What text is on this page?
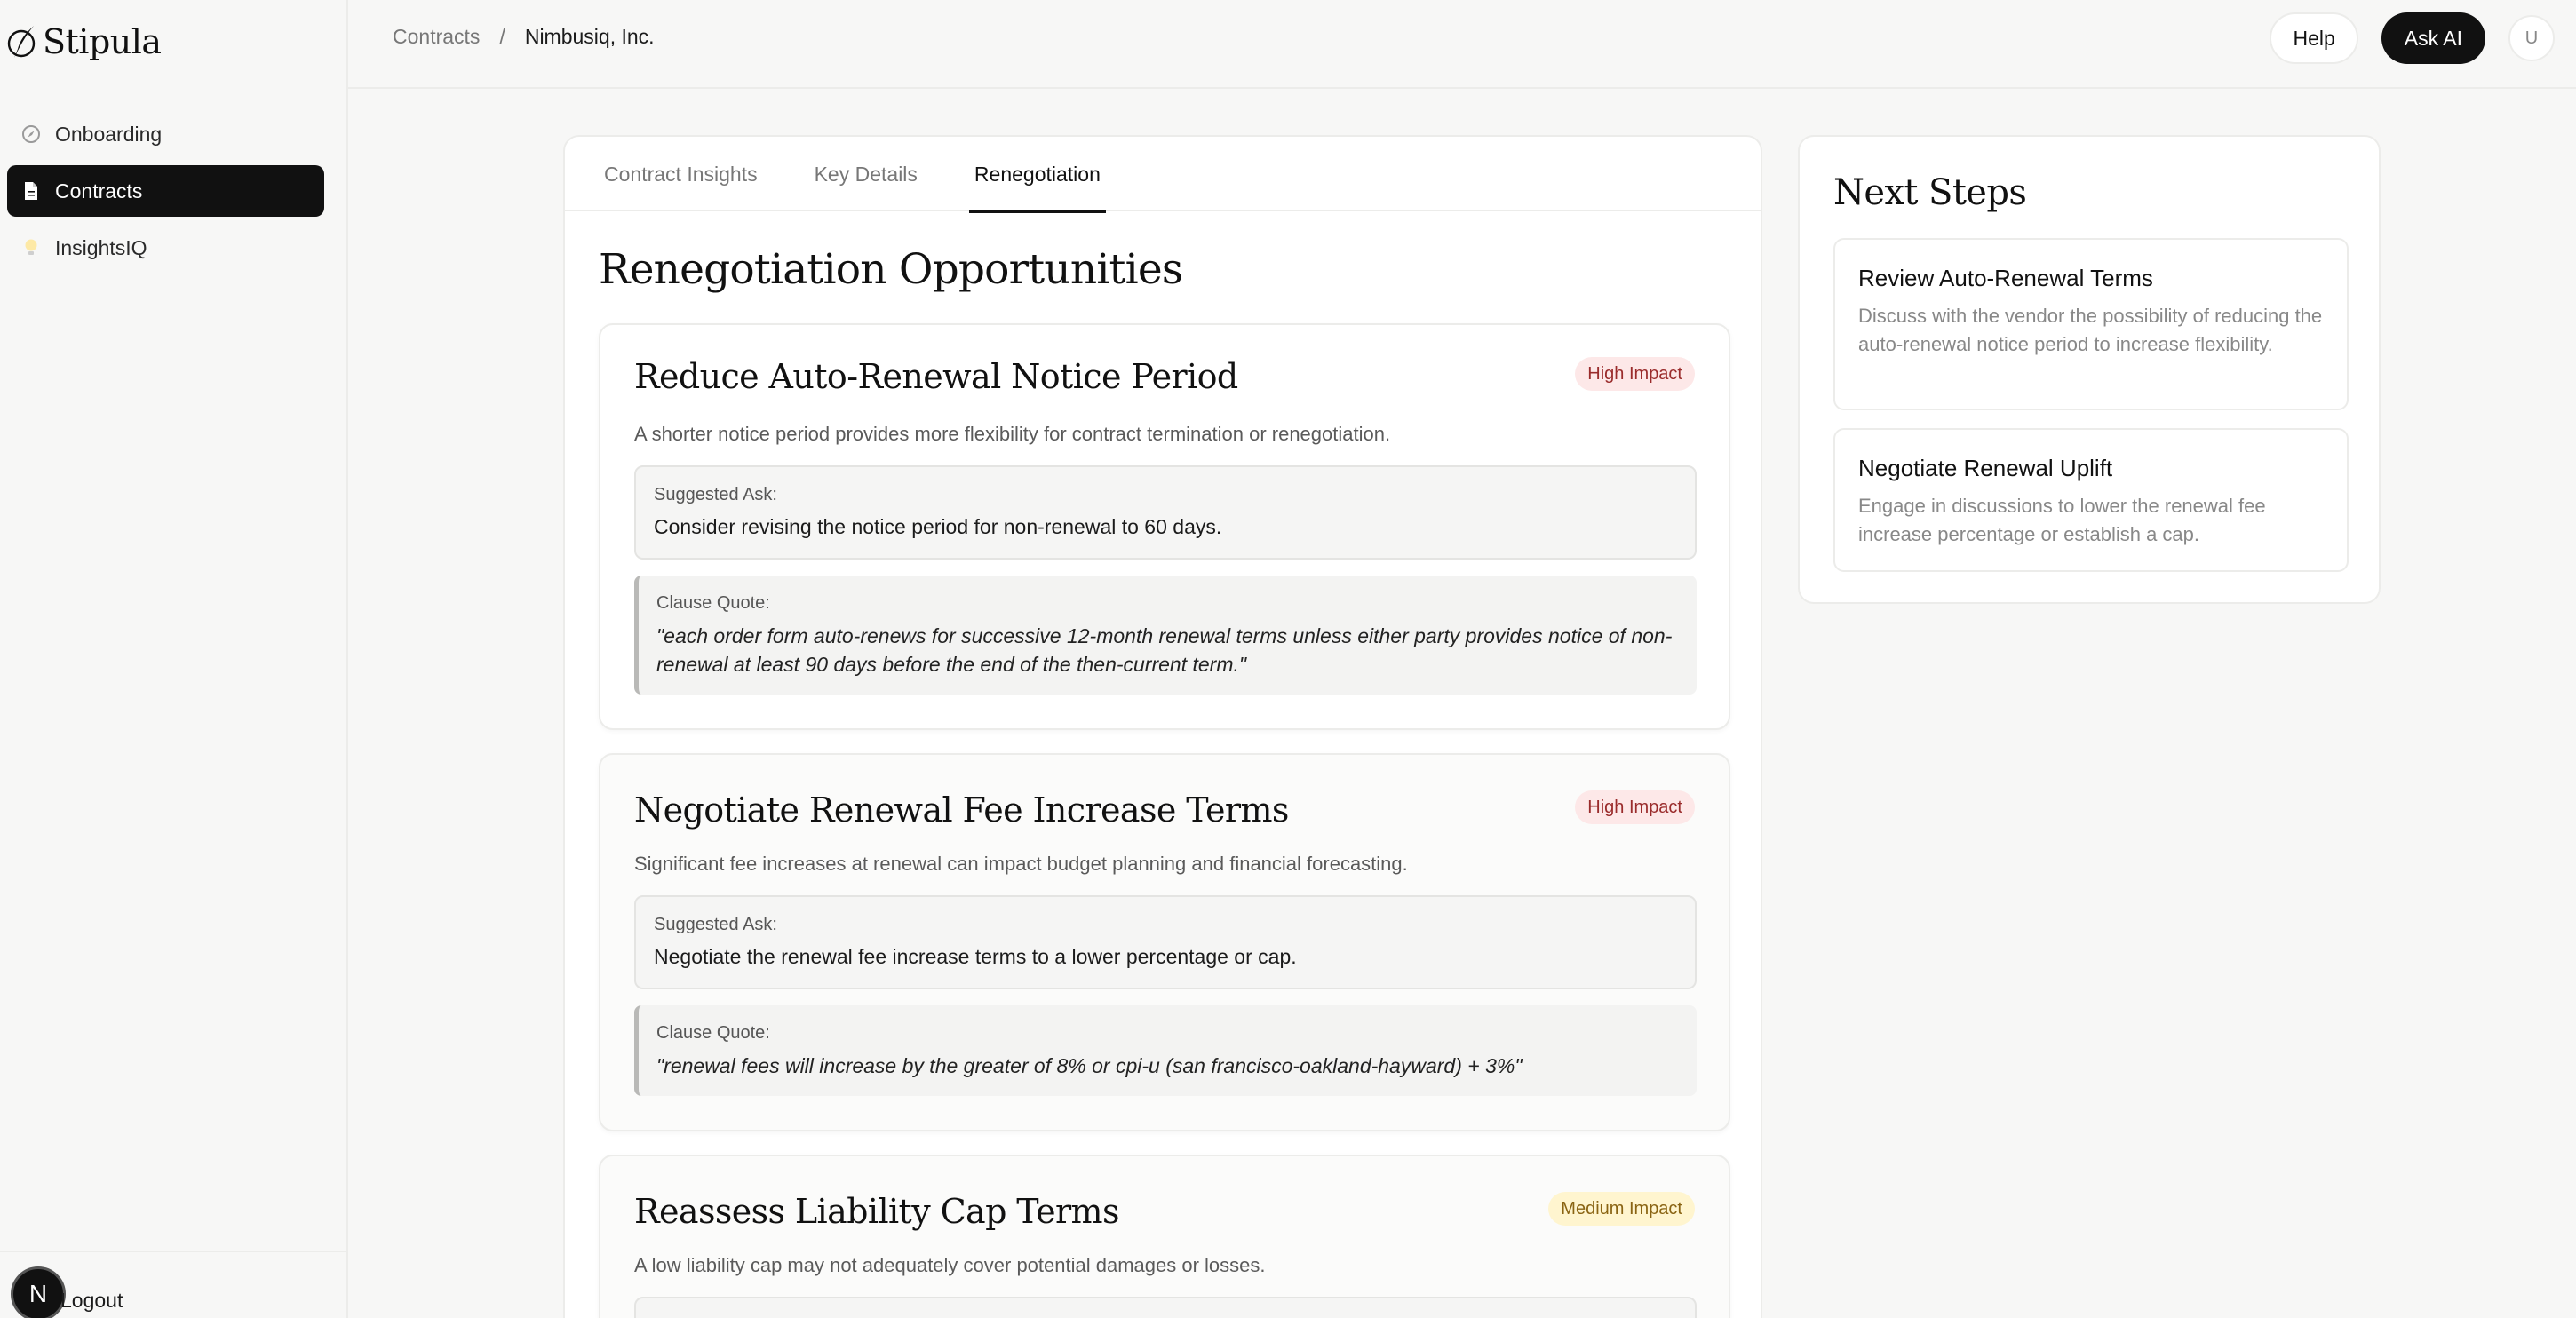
Stipula
Onboarding
Contracts
InsightsIQ
N Logout
Contracts / Nimbusiq, Inc.	Help	Ask AI	U
Contract Insights	Key Details	Renegotiation
Renegotiation Opportunities
Reduce Auto-Renewal Notice Period	High Impact
A shorter notice period provides more flexibility for contract termination or renegotiation.
Suggested Ask:
Consider revising the notice period for non-renewal to 60 days.
Clause Quote:
"each order form auto-renews for successive 12-month renewal terms unless either party provides notice of non-renewal at least 90 days before the end of the then-current term."
Negotiate Renewal Fee Increase Terms	High Impact
Significant fee increases at renewal can impact budget planning and financial forecasting.
Suggested Ask:
Negotiate the renewal fee increase terms to a lower percentage or cap.
Clause Quote:
"renewal fees will increase by the greater of 8% or cpi-u (san francisco-oakland-hayward) + 3%"
Reassess Liability Cap Terms	Medium Impact
A low liability cap may not adequately cover potential damages or losses.
Next Steps
Review Auto-Renewal Terms
Discuss with the vendor the possibility of reducing the auto-renewal notice period to increase flexibility.
Negotiate Renewal Uplift
Engage in discussions to lower the renewal fee increase percentage or establish a cap.
